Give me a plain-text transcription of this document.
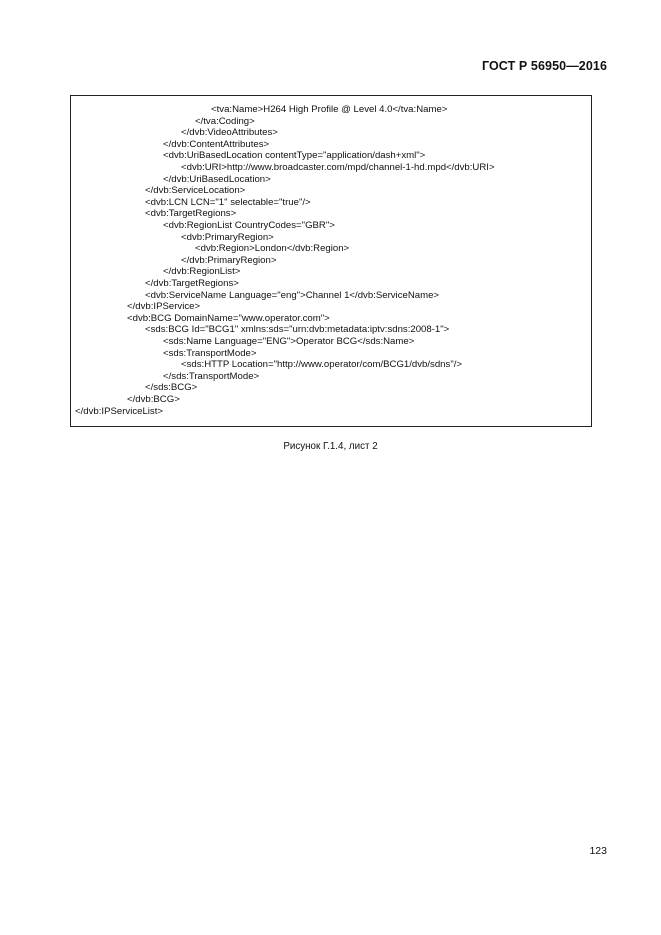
ГОСТ Р 56950—2016
<tva:Name>H264 High Profile @ Level 4.0</tva:Name>
</tva:Coding>
</dvb:VideoAttributes>
</dvb:ContentAttributes>
<dvb:UriBasedLocation contentType="application/dash+xml">
<dvb:URI>http://www.broadcaster.com/mpd/channel-1-hd.mpd</dvb:URI>
</dvb:UriBasedLocation>
</dvb:ServiceLocation>
<dvb:LCN LCN="1" selectable="true"/>
<dvb:TargetRegions>
<dvb:RegionList CountryCodes="GBR">
<dvb:PrimaryRegion>
<dvb:Region>London</dvb:Region>
</dvb:PrimaryRegion>
</dvb:RegionList>
</dvb:TargetRegions>
<dvb:ServiceName Language="eng">Channel 1</dvb:ServiceName>
</dvb:IPService>
<dvb:BCG DomainName="www.operator.com">
<sds:BCG Id="BCG1" xmlns:sds="urn:dvb:metadata:iptv:sdns:2008-1">
<sds:Name Language="ENG">Operator BCG</sds:Name>
<sds:TransportMode>
<sds:HTTP Location="http://www.operator/com/BCG1/dvb/sdns"/>
</sds:TransportMode>
</sds:BCG>
</dvb:BCG>
</dvb:IPServiceList>
Рисунок Г.1.4, лист 2
123
